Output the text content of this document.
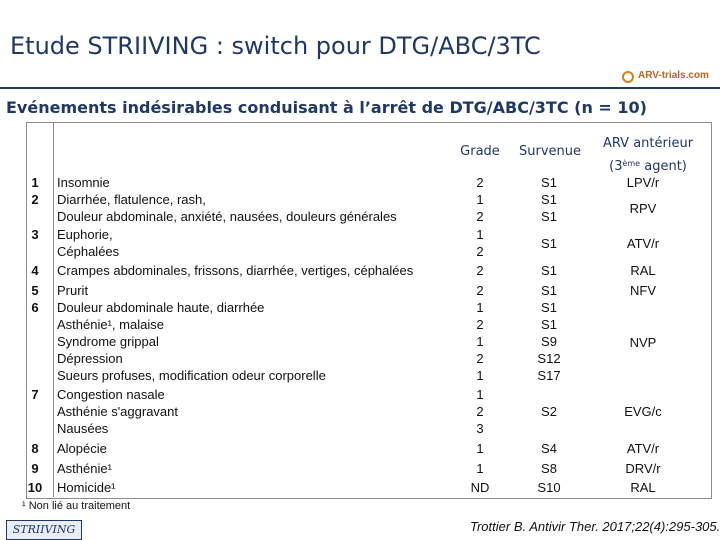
Etude STRIIVING : switch pour DTG/ABC/3TC
ARV-trials.com
Evénements indésirables conduisant à l’arrêt de DTG/ABC/3TC (n = 10)
Grade	Survenue
ARV antérieur
(3ème agent)
1
2
3
4
5
6
7
8
9
10
Insomnie
Diarrhée, flatulence, rash,
Douleur abdominale, anxiété, nausées, douleurs générales
Euphorie,
Céphalées
Crampes abdominales, frissons, diarrhée, vertiges, céphalées
Prurit
Douleur abdominale haute, diarrhée
Asthénie¹, malaise
Syndrome grippal
Dépression
Sueurs profuses, modification odeur corporelle
Congestion nasale
Asthénie s'aggravant
Nausées
Alopécie
Asthénie¹
Homicide¹
2
1
2
1
2
2
2
1
2
1
2
1
1
2
3
1
1
ND
S1
S1
S1
S1
S1
S1
S1
S1
S9
S12
S17
S2
S4
S8
S10
LPV/r
RPV
ATV/r
RAL
NFV
NVP
EVG/c
ATV/r
DRV/r
RAL
¹ Non lié au traitement
STRIIVING	Trottier B. Antivir Ther. 2017;22(4):295-305.
